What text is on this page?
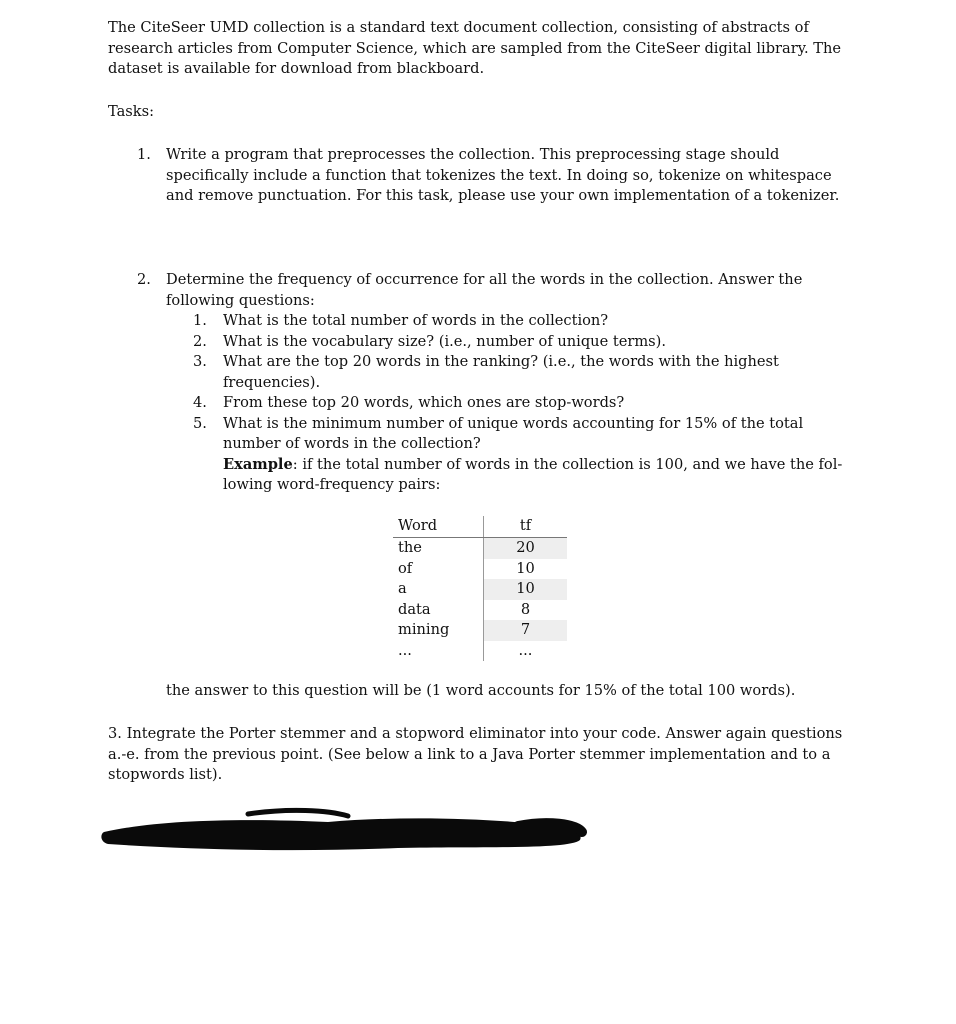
The CiteSeer UMD collection is a standard text document collection, consisting of abstracts of research articles from Computer Science, which are sampled from the CiteSeer digital library. The dataset is available for download from blackboard.
Tasks:
1. Write a program that preprocesses the collection. This preprocessing stage should specifically include a function that tokenizes the text. In doing so, tokenize on whitespace and remove punctuation. For this task, please use your own implementation of a tokenizer.
2. Determine the frequency of occurrence for all the words in the collection. Answer the following questions:
1. What is the total number of words in the collection?
2. What is the vocabulary size? (i.e., number of unique terms).
3. What are the top 20 words in the ranking? (i.e., the words with the highest frequencies).
4. From these top 20 words, which ones are stop-words?
5. What is the minimum number of unique words accounting for 15% of the total number of words in the collection?
Example: if the total number of words in the collection is 100, and we have the fol-lowing word-frequency pairs:
Word	tf
the	20
of	10
a	10
data	8
mining	7
...	...
the answer to this question will be (1 word accounts for 15% of the total 100 words).
3. Integrate the Porter stemmer and a stopword eliminator into your code. Answer again questions a.-e. from the previous point. (See below a link to a Java Porter stemmer implementation and to a stopwords list).
